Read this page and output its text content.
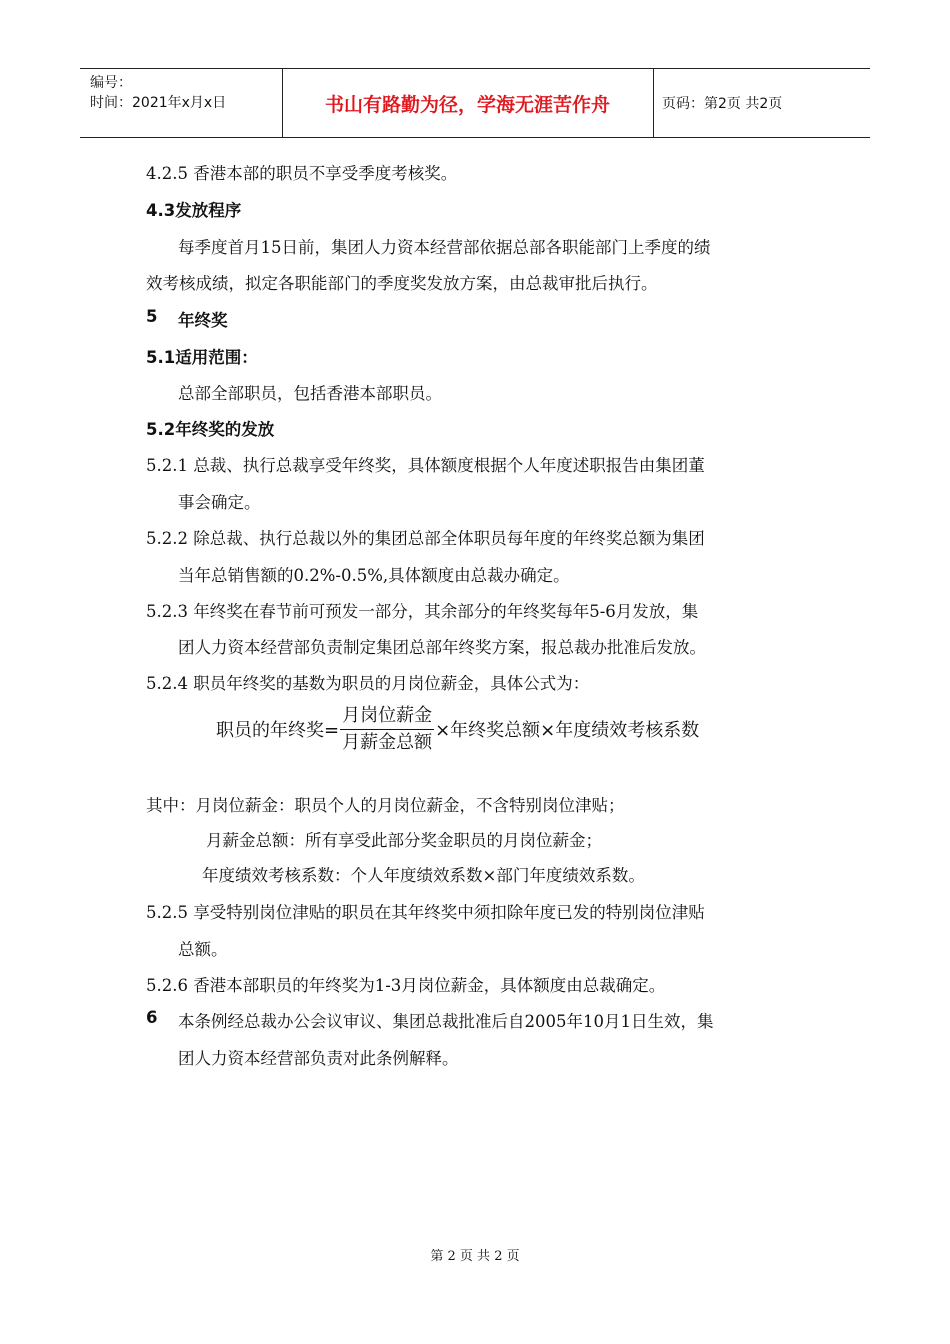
编号：
时间：2021年x月x日	书山有路勤为径，学海无涯苦作舟	页码：第2页 共2页
4.2.5 香港本部的职员不享受季度考核奖。
4.3发放程序
每季度首月15日前，集团人力资本经营部依据总部各职能部门上季度的绩
效考核成绩，拟定各职能部门的季度奖发放方案，由总裁审批后执行。
5 年终奖
5.1适用范围：
总部全部职员，包括香港本部职员。
5.2年终奖的发放
5.2.1 总裁、执行总裁享受年终奖，具体额度根据个人年度述职报告由集团董
事会确定。
5.2.2 除总裁、执行总裁以外的集团总部全体职员每年度的年终奖总额为集团
当年总销售额的0.2%-0.5%,具体额度由总裁办确定。
5.2.3 年终奖在春节前可预发一部分，其余部分的年终奖每年5-6月发放，集
团人力资本经营部负责制定集团总部年终奖方案，报总裁办批准后发放。
5.2.4 职员年终奖的基数为职员的月岗位薪金，具体公式为：
职员的年终奖= $\frac{\text{月岗位薪金}}{\text{月薪金总额}}$ ×年终奖总额×年度绩效考核系数
其中：月岗位薪金：职员个人的月岗位薪金，不含特别岗位津贴；
月薪金总额：所有享受此部分奖金职员的月岗位薪金；
年度绩效考核系数：个人年度绩效系数×部门年度绩效系数。
5.2.5 享受特别岗位津贴的职员在其年终奖中须扣除年度已发的特别岗位津贴
总额。
5.2.6 香港本部职员的年终奖为1-3月岗位薪金，具体额度由总裁确定。
6 本条例经总裁办公会议审议、集团总裁批准后自2005年10月1日生效，集
团人力资本经营部负责对此条例解释。
第 2 页 共 2 页
